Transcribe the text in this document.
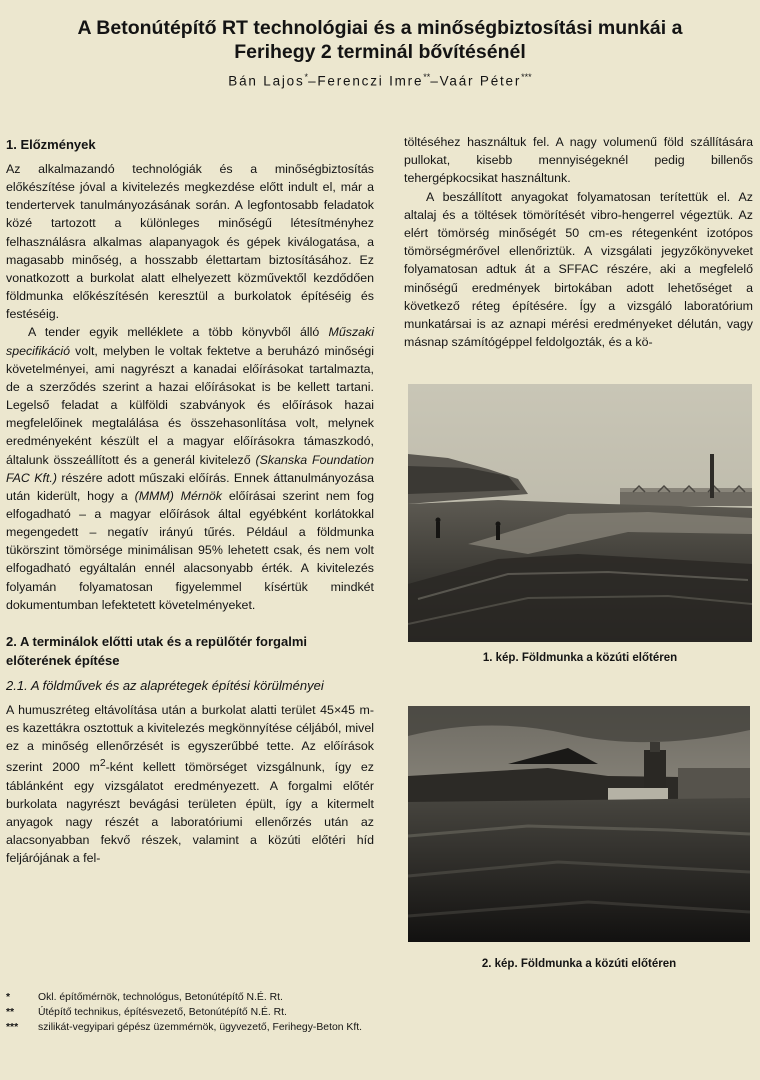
A Betonútépítő RT technológiai és a minőségbiztosítási munkái a
Ferihegy 2 terminál bővítésénél
Bán Lajos*–Ferenczi Imre**–Vaár Péter***
1. Előzmények

Az alkalmazandó technológiák és a minőségbiztosítás előkészítése jóval a kivitelezés megkezdése előtt indult el, már a tendertervek tanulmányozásának során. A legfontosabb feladatok közé tartozott a különleges minőségű létesítményhez felhasználásra alkalmas alapanyagok és gépek kiválogatása, a magasabb minőség, a hosszabb élettartam biztosításához. Ez vonatkozott a burkolat alatt elhelyezett közművektől kezdődően földmunka előkészítésén keresztül a burkolatok építéséig és festéséig.

A tender egyik melléklete a több könyvből álló Műszaki specifikáció volt, melyben le voltak fektetve a beruházó minőségi követelményei, ami nagyrészt a kanadai előírásokat tartalmazta, de a szerződés szerint a hazai előírásokat is be kellett tartani. Legelső feladat a külföldi szabványok és előírások hazai megfelelőinek megtalálása és összehasonlítása volt, melynek eredményeként készült el a magyar előírásokra támaszkodó, általunk összeállított és a generál kivitelező (Skanska Foundation FAC Kft.) részére adott műszaki előírás. Ennek áttanulmányozása után kiderült, hogy a (MMM) Mérnök előírásai szerint nem fog elfogadható – a magyar előírások által egyébként korlátokkal megengedett – negatív irányú tűrés. Például a földmunka tükörszint tömörsége minimálisan 95% lehetett csak, és nem volt elfogadható egyáltalán ennél alacsonyabb érték. A kivitelezés folyamán folyamatosan figyelemmel kísértük mindkét dokumentumban lefektetett követelményeket.

2. A terminálok előtti utak és a repülőtér forgalmi előterének építése
2.1. A földművek és az alaprétegek építési körülményei

A humuszréteg eltávolítása után a burkolat alatti terület 45×45 m-es kazettákra osztottuk a kivitelezés megkönnyítése céljából, mivel ez a minőség ellenőrzését is egyszerűbbé tette. Az előírások szerint 2000 $m^2$-ként kellett tömörséget vizsgálnunk, így ez táblánként egy vizsgálatot eredményezett. A forgalmi előtér burkolata nagyrészt bevágási területen épült, így a kitermelt anyagok nagy részét a laboratóriumi ellenőrzés után az alacsonyabban fekvő részek, valamint a közúti előtéri híd feljárójának a fel-

töltéséhez használtuk fel. A nagy volumenű föld szállítására pullokat, kisebb mennyiségeknél pedig billenős tehergépkocsikat használtunk.

A beszállított anyagokat folyamatosan terítettük el. Az altalaj és a töltések tömörítését vibro-hengerrel végeztük. Az elért tömörség minőségét 50 cm-es rétegenként izotópos tömörségmérővel ellenőriztük. A vizsgálati jegyzőkönyveket folyamatosan adtuk át a SFFAC részére, aki a megfelelő minőségű eredmények birtokában adott lehetőséget a következő réteg építésére. Így a vizsgáló laboratórium munkatársai is az aznapi mérési eredményeket délután, vagy másnap számítógéppel feldolgozták, és a kö-

1. kép. Földmunka a közúti előtéren
2. kép. Földmunka a közúti előtéren
*	Okl. építőmérnök, technológus, Betonútépítő N.É. Rt.
**	Útépítő technikus, építésvezető, Betonútépítő N.É. Rt.
***	szilikát-vegyipari gépész üzemmérnök, ügyvezető, Ferihegy-Beton Kft.
